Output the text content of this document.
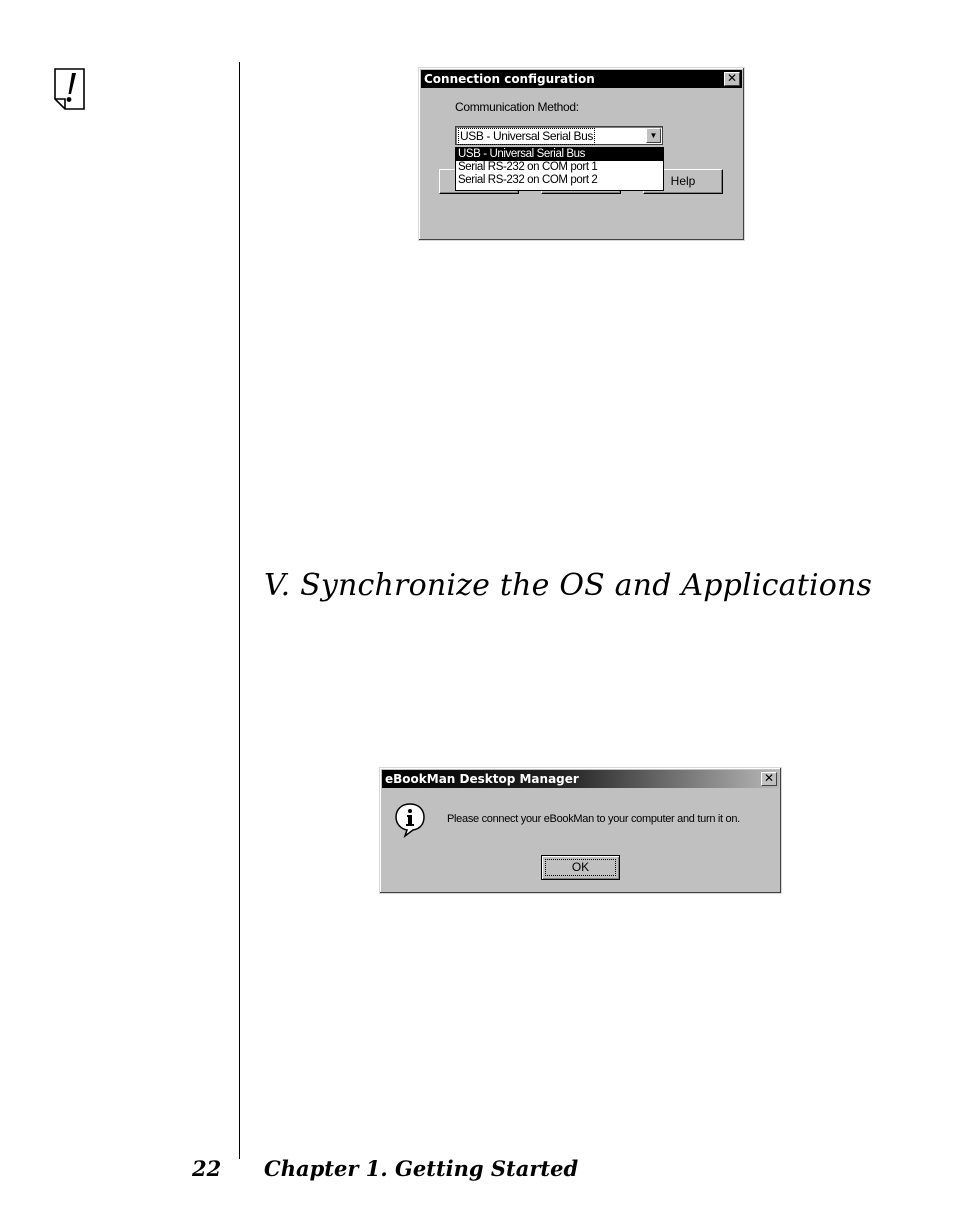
Connection configuration	✕
Communication Method:
USB - Universal Serial Bus	▼
Help
USB - Universal Serial Bus
Serial RS-232 on COM port 1
Serial RS-232 on COM port 2
V. Synchronize the OS and Applications
eBookMan Desktop Manager	✕
Please connect your eBookMan to your computer and turn it on.
OK
22 Chapter 1. Getting Started
